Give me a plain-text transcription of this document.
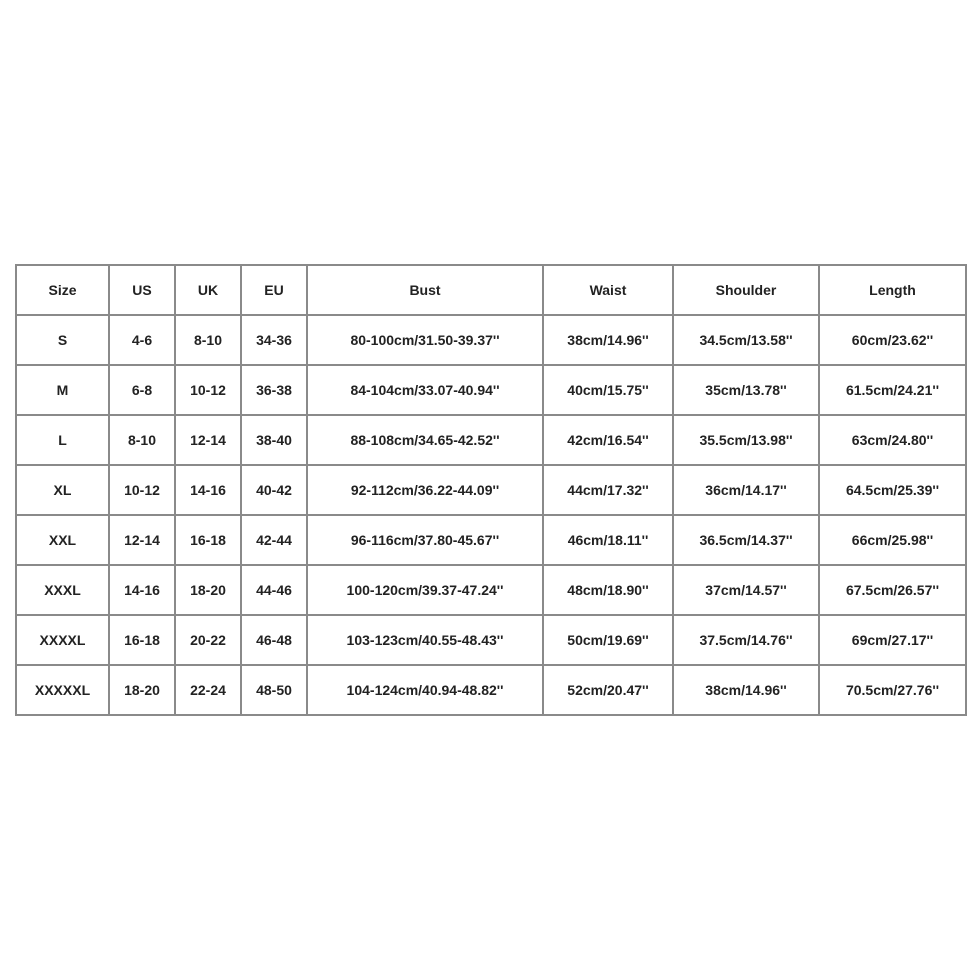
Size	US	UK	EU	Bust	Waist	Shoulder	Length
S	4-6	8-10	34-36	80-100cm/31.50-39.37''	38cm/14.96''	34.5cm/13.58''	60cm/23.62''
M	6-8	10-12	36-38	84-104cm/33.07-40.94''	40cm/15.75''	35cm/13.78''	61.5cm/24.21''
L	8-10	12-14	38-40	88-108cm/34.65-42.52''	42cm/16.54''	35.5cm/13.98''	63cm/24.80''
XL	10-12	14-16	40-42	92-112cm/36.22-44.09''	44cm/17.32''	36cm/14.17''	64.5cm/25.39''
XXL	12-14	16-18	42-44	96-116cm/37.80-45.67''	46cm/18.11''	36.5cm/14.37''	66cm/25.98''
XXXL	14-16	18-20	44-46	100-120cm/39.37-47.24''	48cm/18.90''	37cm/14.57''	67.5cm/26.57''
XXXXL	16-18	20-22	46-48	103-123cm/40.55-48.43''	50cm/19.69''	37.5cm/14.76''	69cm/27.17''
XXXXXL	18-20	22-24	48-50	104-124cm/40.94-48.82''	52cm/20.47''	38cm/14.96''	70.5cm/27.76''
